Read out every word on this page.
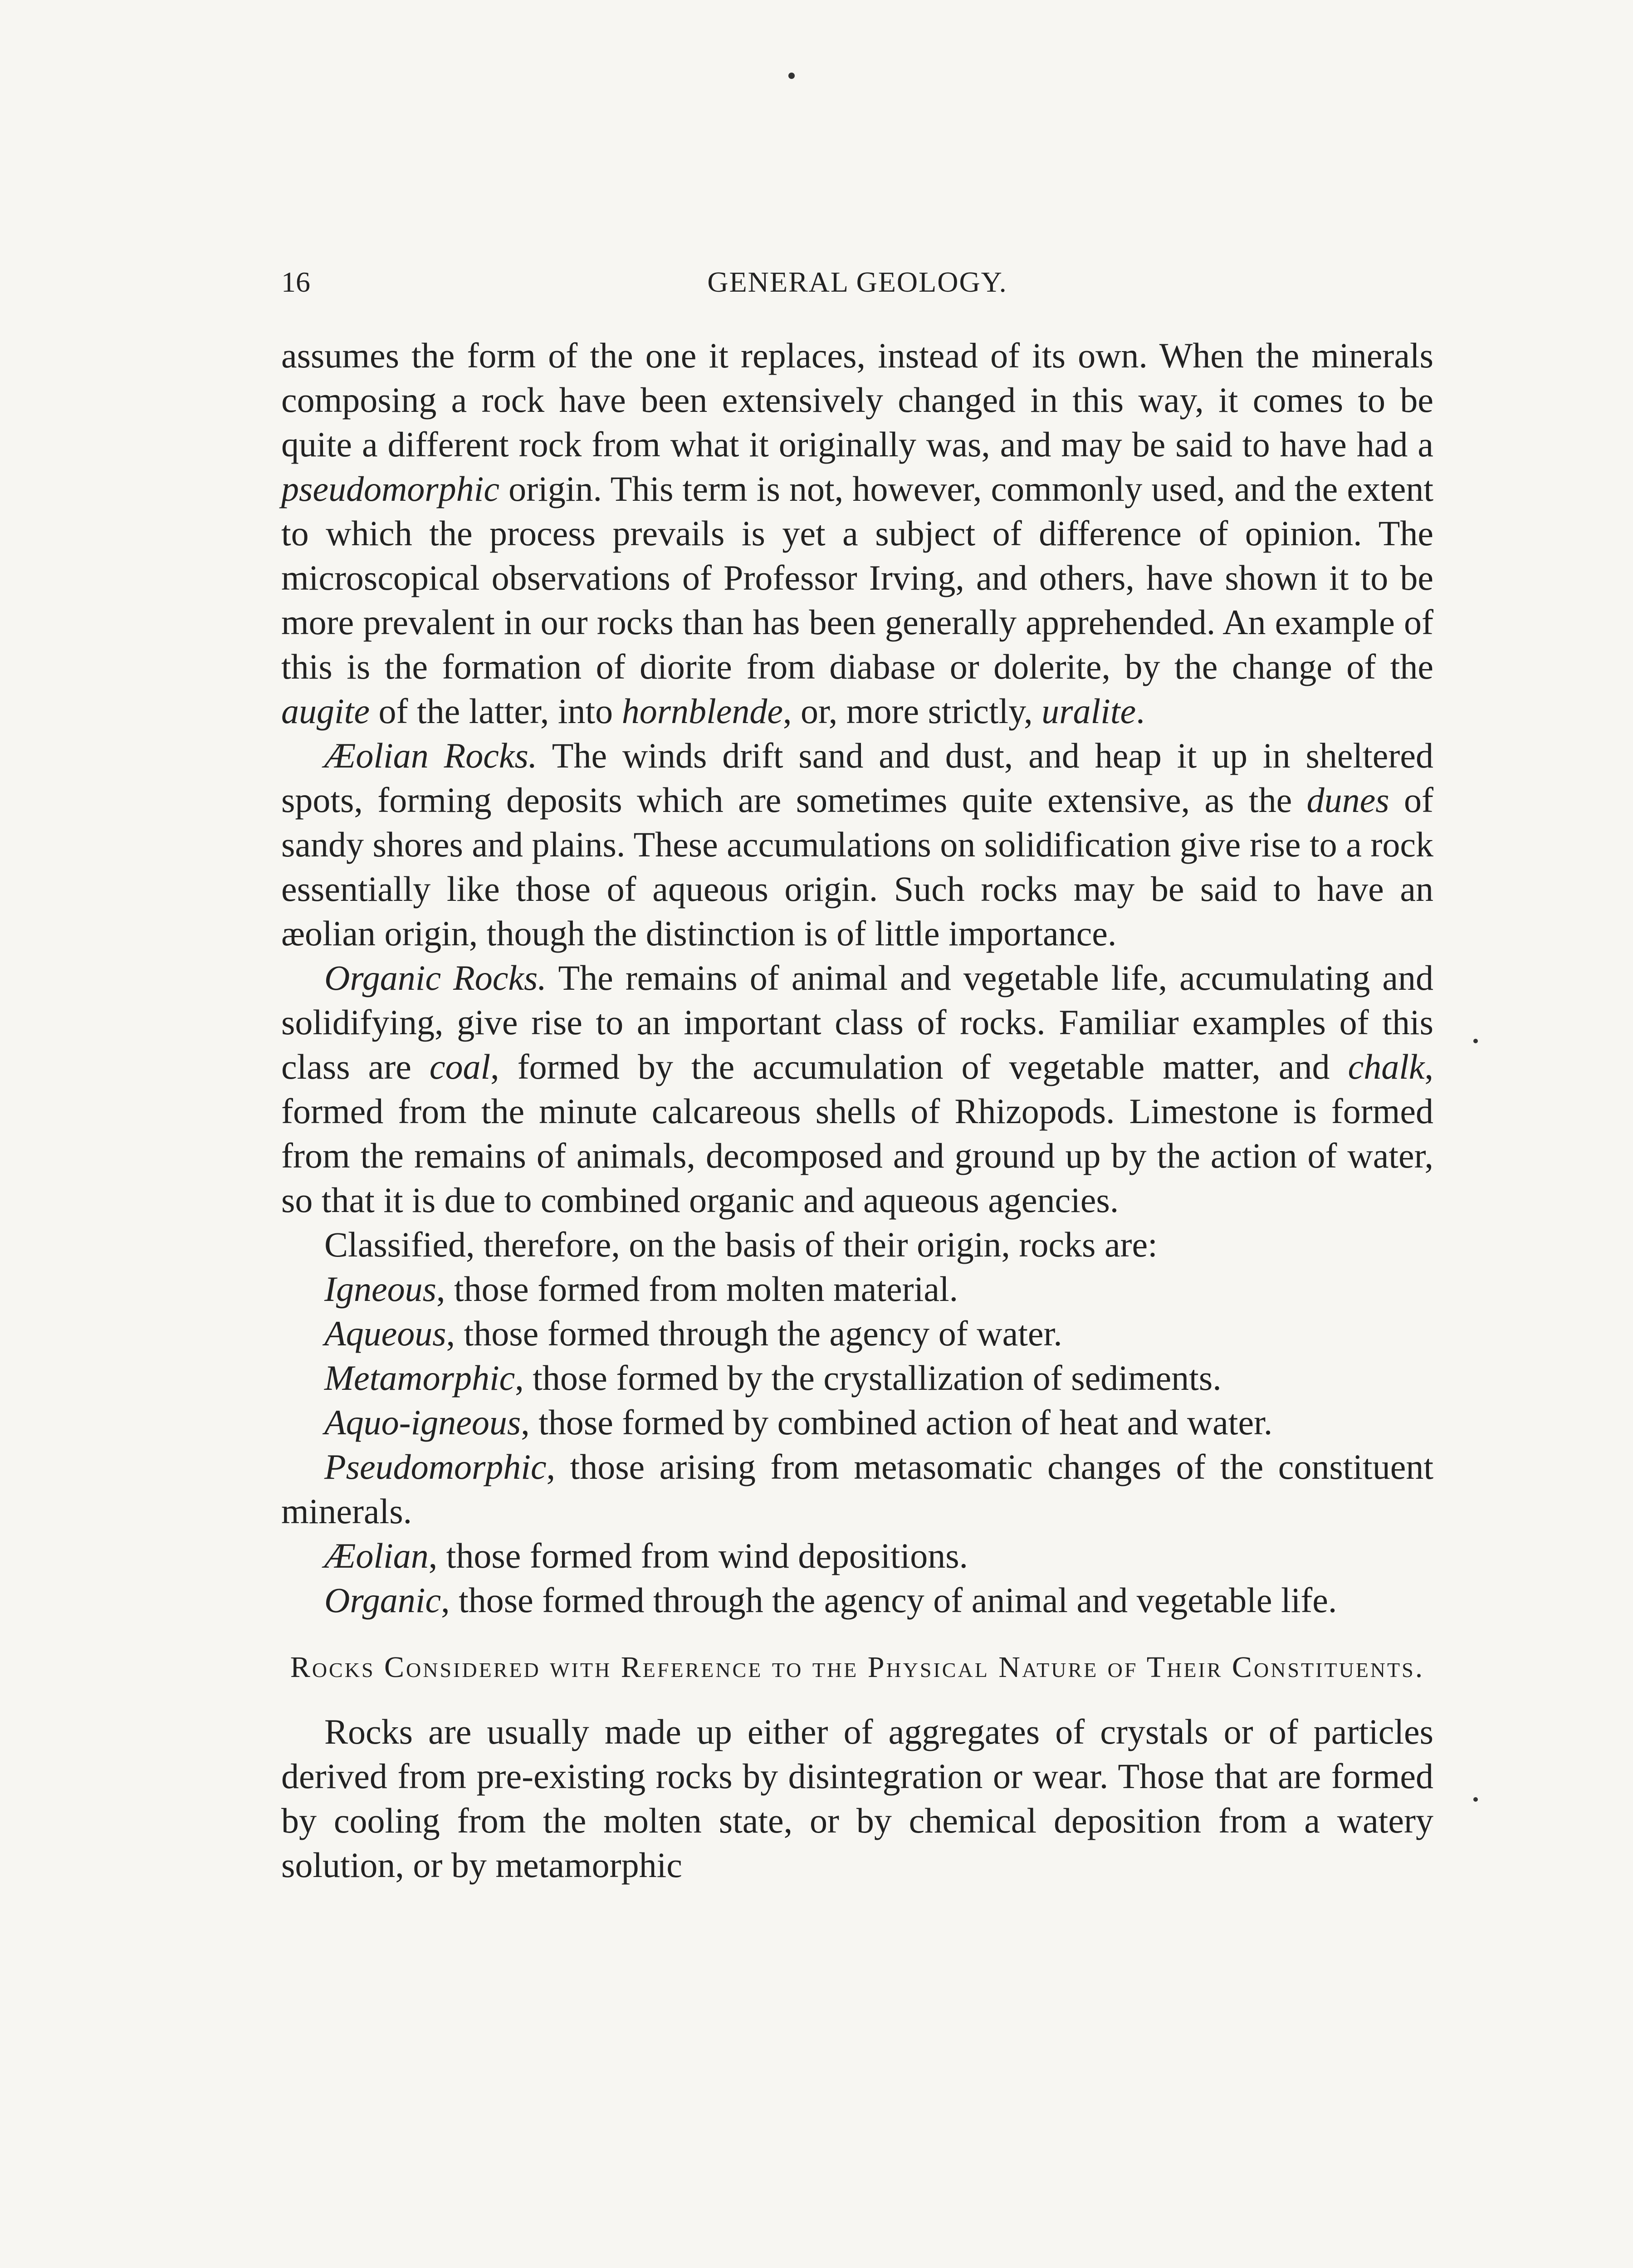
16	GENERAL GEOLOGY.

assumes the form of the one it replaces, instead of its own. When the minerals composing a rock have been extensively changed in this way, it comes to be quite a different rock from what it originally was, and may be said to have had a pseudomorphic origin. This term is not, however, commonly used, and the extent to which the process prevails is yet a subject of difference of opinion. The microscopical observations of Professor Irving, and others, have shown it to be more prevalent in our rocks than has been generally apprehended. An example of this is the formation of diorite from diabase or dolerite, by the change of the augite of the latter, into hornblende, or, more strictly, uralite.

Æolian Rocks. The winds drift sand and dust, and heap it up in sheltered spots, forming deposits which are sometimes quite extensive, as the dunes of sandy shores and plains. These accumulations on solidification give rise to a rock essentially like those of aqueous origin. Such rocks may be said to have an æolian origin, though the distinction is of little importance.

Organic Rocks. The remains of animal and vegetable life, accumulating and solidifying, give rise to an important class of rocks. Familiar examples of this class are coal, formed by the accumulation of vegetable matter, and chalk, formed from the minute calcareous shells of Rhizopods. Limestone is formed from the remains of animals, decomposed and ground up by the action of water, so that it is due to combined organic and aqueous agencies.

Classified, therefore, on the basis of their origin, rocks are:

Igneous, those formed from molten material.

Aqueous, those formed through the agency of water.

Metamorphic, those formed by the crystallization of sediments.

Aquo-igneous, those formed by combined action of heat and water.

Pseudomorphic, those arising from metasomatic changes of the constituent minerals.

Æolian, those formed from wind depositions.

Organic, those formed through the agency of animal and vegetable life.

Rocks Considered with Reference to the Physical Nature of Their Constituents.

Rocks are usually made up either of aggregates of crystals or of particles derived from pre-existing rocks by disintegration or wear. Those that are formed by cooling from the molten state, or by chemical deposition from a watery solution, or by metamorphic
